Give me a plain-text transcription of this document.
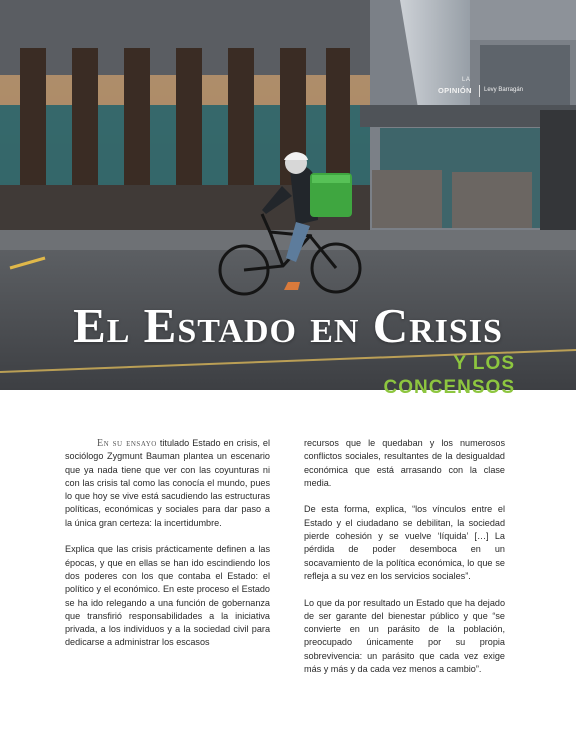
LA
OPINIÓN Levy Barragán
El Estado en Crisis
Y LOS CONCENSOS

En su ensayo titulado Estado en crisis, el sociólogo Zygmunt Bauman plantea un escenario que ya nada tiene que ver con las coyunturas ni con las crisis tal como las conocía el mundo, pues lo que hoy se vive está sacudiendo las estructuras políticas, económicas y sociales para dar paso a la única gran certeza: la incertidumbre.

Explica que las crisis prácticamente definen a las épocas, y que en ellas se han ido escindiendo los dos poderes con los que contaba el Estado: el político y el económico. En este proceso el Estado se ha ido relegando a una función de gobernanza que transfirió responsabilidades a la iniciativa privada, a los individuos y a la sociedad civil para dedicarse a administrar los escasos

recursos que le quedaban y los numerosos conflictos sociales, resultantes de la desigualdad económica que está arrasando con la clase media.

De esta forma, explica, “los vínculos entre el Estado y el ciudadano se debilitan, la sociedad pierde cohesión y se vuelve ‘líquida’ […] La pérdida de poder desemboca en un socavamiento de la política económica, lo que se refleja a su vez en los servicios sociales”.

Lo que da por resultado un Estado que ha dejado de ser garante del bienestar público y que “se convierte en un parásito de la población, preocupado únicamente por su propia sobrevivencia: un parásito que cada vez exige más y más y da cada vez menos a cambio”.
